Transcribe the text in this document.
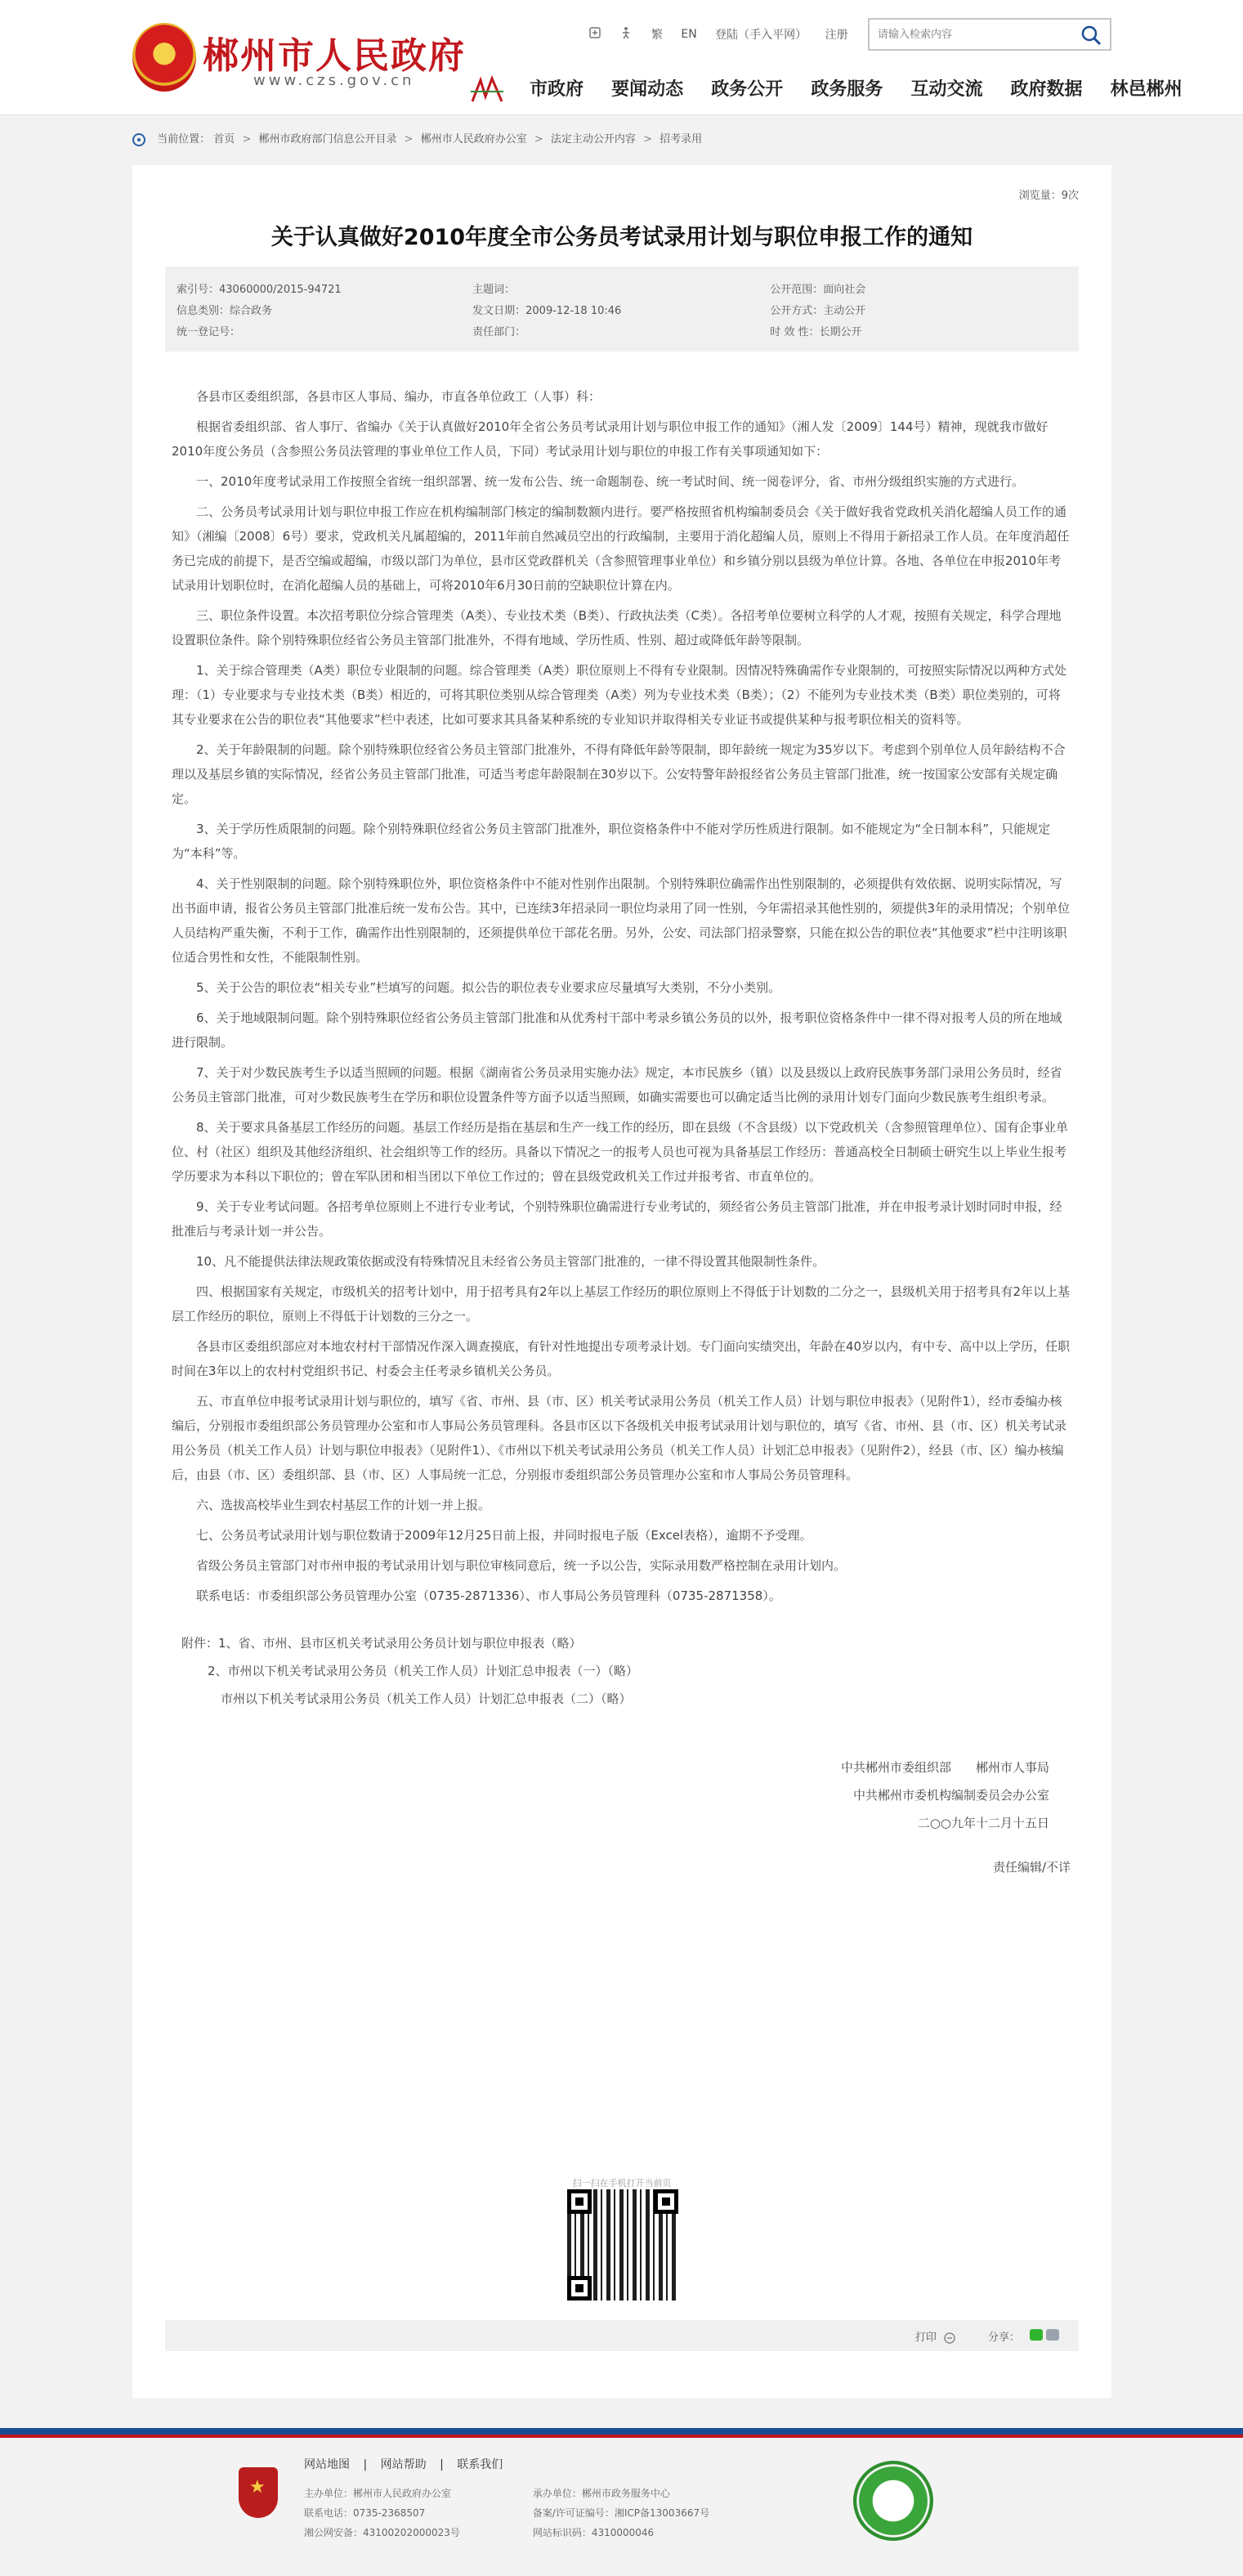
郴州市人民政府
www.czs.gov.cn
繁 EN 登陆（手入平网） 注册
请输入检索内容
市政府 要闻动态 政务公开 政务服务 互动交流 政府数据 林邑郴州
当前位置： 首页 > 郴州市政府部门信息公开目录 > 郴州市人民政府办公室 > 法定主动公开内容 > 招考录用
浏览量：9次
关于认真做好2010年度全市公务员考试录用计划与职位申报工作的通知
索引号：43060000/2015-94721	主题词：	公开范围：面向社会
信息类别：综合政务	发文日期：2009-12-18 10:46	公开方式：主动公开
统一登记号：	责任部门：	时 效 性：长期公开

各县市区委组织部，各县市区人事局、编办，市直各单位政工（人事）科：

根据省委组织部、省人事厅、省编办《关于认真做好2010年全省公务员考试录用计划与职位申报工作的通知》（湘人发〔2009〕144号）精神，现就我市做好2010年度公务员（含参照公务员法管理的事业单位工作人员，下同）考试录用计划与职位的申报工作有关事项通知如下：

一、2010年度考试录用工作按照全省统一组织部署、统一发布公告、统一命题制卷、统一考试时间、统一阅卷评分，省、市州分级组织实施的方式进行。

二、公务员考试录用计划与职位申报工作应在机构编制部门核定的编制数额内进行。要严格按照省机构编制委员会《关于做好我省党政机关消化超编人员工作的通知》（湘编〔2008〕6号）要求，党政机关凡属超编的，2011年前自然减员空出的行政编制，主要用于消化超编人员，原则上不得用于新招录工作人员。在年度消超任务已完成的前提下，是否空编或超编，市级以部门为单位，县市区党政群机关（含参照管理事业单位）和乡镇分别以县级为单位计算。各地、各单位在申报2010年考试录用计划职位时，在消化超编人员的基础上，可将2010年6月30日前的空缺职位计算在内。

三、职位条件设置。本次招考职位分综合管理类（A类）、专业技术类（B类）、行政执法类（C类）。各招考单位要树立科学的人才观，按照有关规定，科学合理地设置职位条件。除个别特殊职位经省公务员主管部门批准外，不得有地域、学历性质、性别、超过或降低年龄等限制。

1、关于综合管理类（A类）职位专业限制的问题。综合管理类（A类）职位原则上不得有专业限制。因情况特殊确需作专业限制的，可按照实际情况以两种方式处理：（1）专业要求与专业技术类（B类）相近的，可将其职位类别从综合管理类（A类）列为专业技术类（B类）；（2）不能列为专业技术类（B类）职位类别的，可将其专业要求在公告的职位表“其他要求”栏中表述，比如可要求其具备某种系统的专业知识并取得相关专业证书或提供某种与报考职位相关的资料等。

2、关于年龄限制的问题。除个别特殊职位经省公务员主管部门批准外，不得有降低年龄等限制，即年龄统一规定为35岁以下。考虑到个别单位人员年龄结构不合理以及基层乡镇的实际情况，经省公务员主管部门批准，可适当考虑年龄限制在30岁以下。公安特警年龄报经省公务员主管部门批准，统一按国家公安部有关规定确定。

3、关于学历性质限制的问题。除个别特殊职位经省公务员主管部门批准外，职位资格条件中不能对学历性质进行限制。如不能规定为“全日制本科”，只能规定为“本科”等。

4、关于性别限制的问题。除个别特殊职位外，职位资格条件中不能对性别作出限制。个别特殊职位确需作出性别限制的，必须提供有效依据、说明实际情况，写出书面申请，报省公务员主管部门批准后统一发布公告。其中，已连续3年招录同一职位均录用了同一性别，今年需招录其他性别的，须提供3年的录用情况；个别单位人员结构严重失衡，不利于工作，确需作出性别限制的，还须提供单位干部花名册。另外，公安、司法部门招录警察，只能在拟公告的职位表“其他要求”栏中注明该职位适合男性和女性，不能限制性别。

5、关于公告的职位表“相关专业”栏填写的问题。拟公告的职位表专业要求应尽量填写大类别，不分小类别。

6、关于地域限制问题。除个别特殊职位经省公务员主管部门批准和从优秀村干部中考录乡镇公务员的以外，报考职位资格条件中一律不得对报考人员的所在地域进行限制。

7、关于对少数民族考生予以适当照顾的问题。根据《湖南省公务员录用实施办法》规定，本市民族乡（镇）以及县级以上政府民族事务部门录用公务员时，经省公务员主管部门批准，可对少数民族考生在学历和职位设置条件等方面予以适当照顾，如确实需要也可以确定适当比例的录用计划专门面向少数民族考生组织考录。

8、关于要求具备基层工作经历的问题。基层工作经历是指在基层和生产一线工作的经历，即在县级（不含县级）以下党政机关（含参照管理单位）、国有企事业单位、村（社区）组织及其他经济组织、社会组织等工作的经历。具备以下情况之一的报考人员也可视为具备基层工作经历：普通高校全日制硕士研究生以上毕业生报考学历要求为本科以下职位的；曾在军队团和相当团以下单位工作过的；曾在县级党政机关工作过并报考省、市直单位的。

9、关于专业考试问题。各招考单位原则上不进行专业考试，个别特殊职位确需进行专业考试的，须经省公务员主管部门批准，并在申报考录计划时同时申报，经批准后与考录计划一并公告。

10、凡不能提供法律法规政策依据或没有特殊情况且未经省公务员主管部门批准的，一律不得设置其他限制性条件。

四、根据国家有关规定，市级机关的招考计划中，用于招考具有2年以上基层工作经历的职位原则上不得低于计划数的二分之一，县级机关用于招考具有2年以上基层工作经历的职位，原则上不得低于计划数的三分之一。

各县市区委组织部应对本地农村村干部情况作深入调查摸底，有针对性地提出专项考录计划。专门面向实绩突出，年龄在40岁以内，有中专、高中以上学历，任职时间在3年以上的农村村党组织书记、村委会主任考录乡镇机关公务员。

五、市直单位申报考试录用计划与职位的，填写《省、市州、县（市、区）机关考试录用公务员（机关工作人员）计划与职位申报表》（见附件1），经市委编办核编后，分别报市委组织部公务员管理办公室和市人事局公务员管理科。各县市区以下各级机关申报考试录用计划与职位的，填写《省、市州、县（市、区）机关考试录用公务员（机关工作人员）计划与职位申报表》（见附件1）、《市州以下机关考试录用公务员（机关工作人员）计划汇总申报表》（见附件2），经县（市、区）编办核编后，由县（市、区）委组织部、县（市、区）人事局统一汇总，分别报市委组织部公务员管理办公室和市人事局公务员管理科。

六、选拔高校毕业生到农村基层工作的计划一并上报。

七、公务员考试录用计划与职位数请于2009年12月25日前上报，并同时报电子版（Excel表格），逾期不予受理。

省级公务员主管部门对市州申报的考试录用计划与职位审核同意后，统一予以公告，实际录用数严格控制在录用计划内。

联系电话：市委组织部公务员管理办公室（0735-2871336）、市人事局公务员管理科（0735-2871358）。

附件：1、省、市州、县市区机关考试录用公务员计划与职位申报表（略）
2、市州以下机关考试录用公务员（机关工作人员）计划汇总申报表（一）（略）
市州以下机关考试录用公务员（机关工作人员）计划汇总申报表（二）（略）
中共郴州市委组织部　　郴州市人事局
中共郴州市委机构编制委员会办公室
二○○九年十二月十五日
责任编辑/不详
扫一扫在手机打开当前页
打印	分享：
★
网站地图 | 网站帮助 | 联系我们
主办单位：郴州市人民政府办公室	承办单位：郴州市政务服务中心
联系电话：0735-2368507	备案/许可证编号：湘ICP备13003667号
湘公网安备：43100202000023号	网站标识码：4310000046
